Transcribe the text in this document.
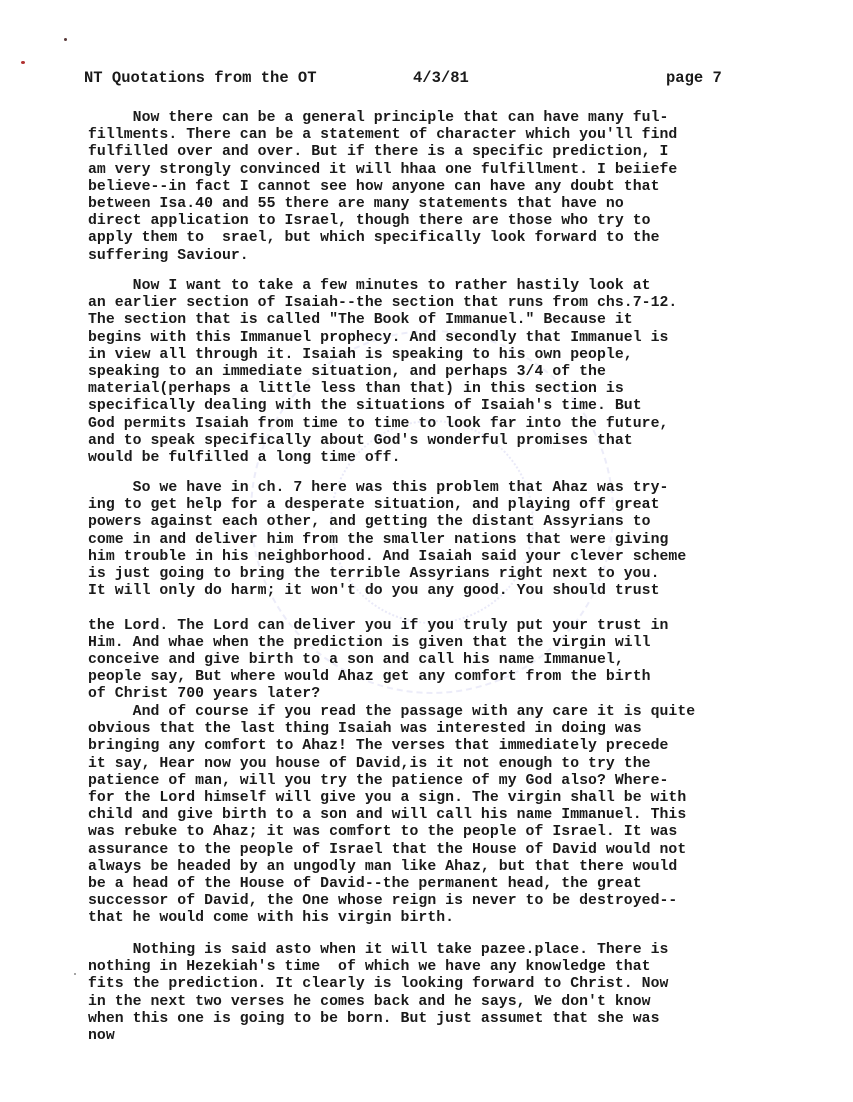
NT Quotations from the OT	4/3/81	page 7

Now there can be a general principle that can have many ful-
fillments. There can be a statement of character which you'll find
fulfilled over and over. But if there is a specific prediction, I
am very strongly convinced it will hhaa one fulfillment. I beiiefe
believe--in fact I cannot see how anyone can have any doubt that
between Isa.40 and 55 there are many statements that have no
direct application to Israel, though there are those who try to
apply them to  srael, but which specifically look forward to the
suffering Saviour.

Now I want to take a few minutes to rather hastily look at
an earlier section of Isaiah--the section that runs from chs.7-12.
The section that is called "The Book of Immanuel." Because it
begins with this Immanuel prophecy. And secondly that Immanuel is
in view all through it. Isaiah is speaking to his own people,
speaking to an immediate situation, and perhaps 3/4 of the
material(perhaps a little less than that) in this section is
specifically dealing with the situations of Isaiah's time. But
God permits Isaiah from time to time to look far into the future,
and to speak specifically about God's wonderful promises that
would be fulfilled a long time off.

So we have in ch. 7 here was this problem that Ahaz was try-
ing to get help for a desperate situation, and playing off great
powers against each other, and getting the distant Assyrians to
come in and deliver him from the smaller nations that were giving
him trouble in his neighborhood. And Isaiah said your clever scheme
is just going to bring the terrible Assyrians right next to you.
It will only do harm; it won't do you any good. You should trust

the Lord. The Lord can deliver you if you truly put your trust in
Him. And whae when the prediction is given that the virgin will
conceive and give birth to a son and call his name Immanuel,
people say, But where would Ahaz get any comfort from the birth
of Christ 700 years later?

And of course if you read the passage with any care it is quite
obvious that the last thing Isaiah was interested in doing was
bringing any comfort to Ahaz! The verses that immediately precede
it say, Hear now you house of David,is it not enough to try the
patience of man, will you try the patience of my God also? Where-
for the Lord himself will give you a sign. The virgin shall be with
child and give birth to a son and will call his name Immanuel. This
was rebuke to Ahaz; it was comfort to the people of Israel. It was
assurance to the people of Israel that the House of David would not
always be headed by an ungodly man like Ahaz, but that there would
be a head of the House of David--the permanent head, the great
successor of David, the One whose reign is never to be destroyed--
that he would come with his virgin birth.

Nothing is said asto when it will take pazee.place. There is
nothing in Hezekiah's time  of which we have any knowledge that
fits the prediction. It clearly is looking forward to Christ. Now
in the next two verses he comes back and he says, We don't know
when this one is going to be born. But just assumet that she was
now
